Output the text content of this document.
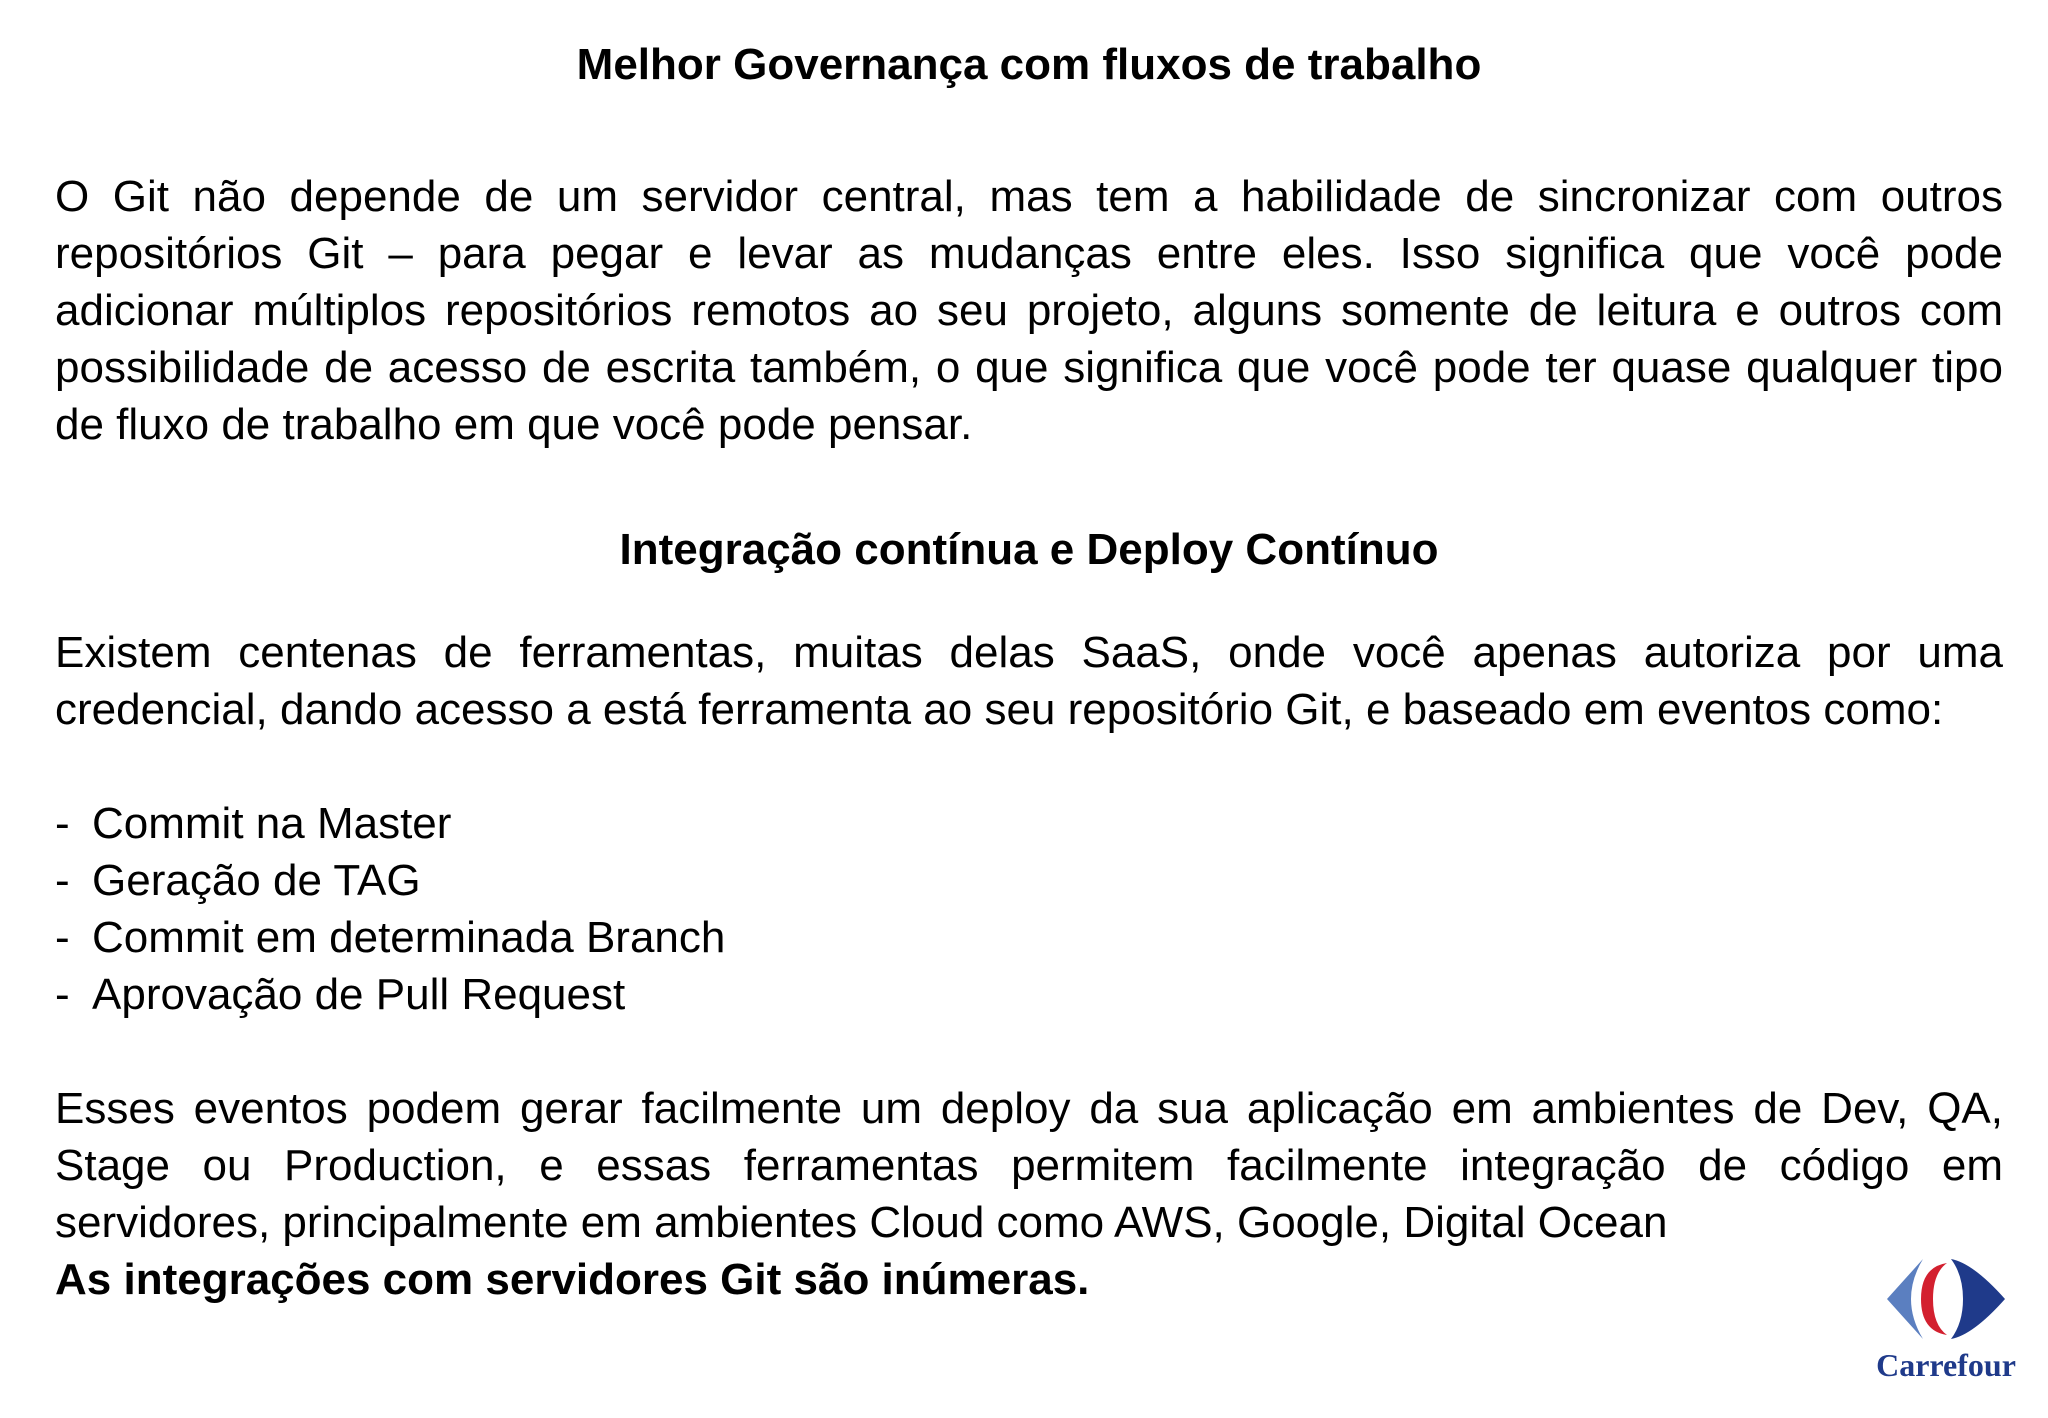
Melhor Governança com fluxos de trabalho

O Git não depende de um servidor central, mas tem a habilidade de sincronizar com outros repositórios Git – para pegar e levar as mudanças entre eles. Isso significa que você pode adicionar múltiplos repositórios remotos ao seu projeto, alguns somente de leitura e outros com possibilidade de acesso de escrita também, o que significa que você pode ter quase qualquer tipo de fluxo de trabalho em que você pode pensar.

Integração contínua e Deploy Contínuo

Existem centenas de ferramentas, muitas delas SaaS, onde você apenas autoriza por uma credencial, dando acesso a está ferramenta ao seu repositório Git, e baseado em eventos como:

- Commit na Master
- Geração de TAG
- Commit em determinada Branch
- Aprovação de Pull Request

Esses eventos podem gerar facilmente um deploy da sua aplicação em ambientes de Dev, QA, Stage ou Production, e essas ferramentas permitem facilmente integração de código em servidores, principalmente em ambientes Cloud como AWS, Google, Digital Ocean

As integrações com servidores Git são inúmeras.

Carrefour
